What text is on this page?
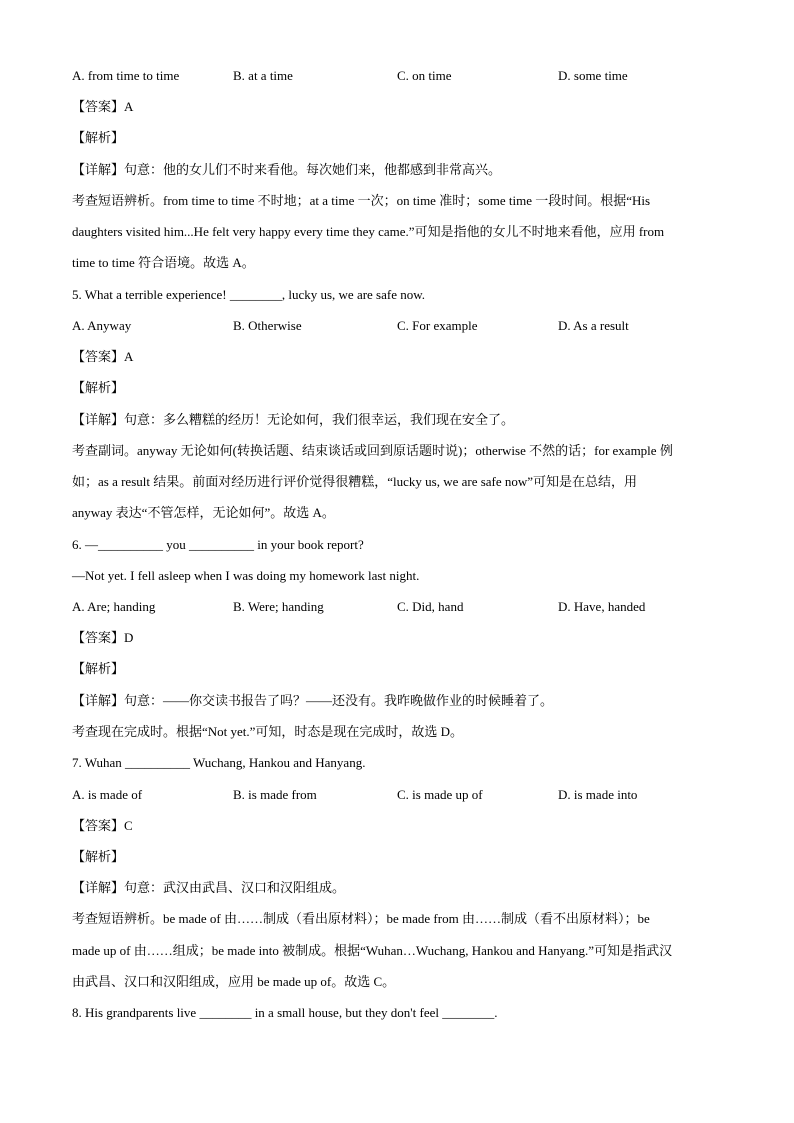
A. from time to time	B. at a time	C. on time	D. some time
【答案】A
【解析】
【详解】句意：他的女儿们不时来看他。每次她们来，他都感到非常高兴。
考查短语辨析。from time to time 不时地；at a time 一次；on time 准时；some time 一段时间。根据“His
daughters visited him...He felt very happy every time they came.”可知是指他的女儿不时地来看他，应用 from
time to time 符合语境。故选 A。
5. What a terrible experience! ________, lucky us, we are safe now.
A. Anyway	B. Otherwise	C. For example	D. As a result
【答案】A
【解析】
【详解】句意：多么糟糕的经历！无论如何，我们很幸运，我们现在安全了。
考查副词。anyway 无论如何(转换话题、结束谈话或回到原话题时说)；otherwise 不然的话；for example 例
如；as a result 结果。前面对经历进行评价觉得很糟糕，“lucky us, we are safe now”可知是在总结，用
anyway 表达“不管怎样，无论如何”。故选 A。
6. —__________ you __________ in your book report?
—Not yet. I fell asleep when I was doing my homework last night.
A. Are; handing	B. Were; handing	C. Did, hand	D. Have, handed
【答案】D
【解析】
【详解】句意：——你交读书报告了吗？——还没有。我昨晚做作业的时候睡着了。
考查现在完成时。根据“Not yet.”可知，时态是现在完成时，故选 D。
7. Wuhan __________ Wuchang, Hankou and Hanyang.
A. is made of	B. is made from	C. is made up of	D. is made into
【答案】C
【解析】
【详解】句意：武汉由武昌、汉口和汉阳组成。
考查短语辨析。be made of 由……制成（看出原材料）；be made from 由……制成（看不出原材料）；be
made up of 由……组成；be made into 被制成。根据“Wuhan…Wuchang, Hankou and Hanyang.”可知是指武汉
由武昌、汉口和汉阳组成，应用 be made up of。故选 C。
8. His grandparents live ________ in a small house, but they don't feel ________.
